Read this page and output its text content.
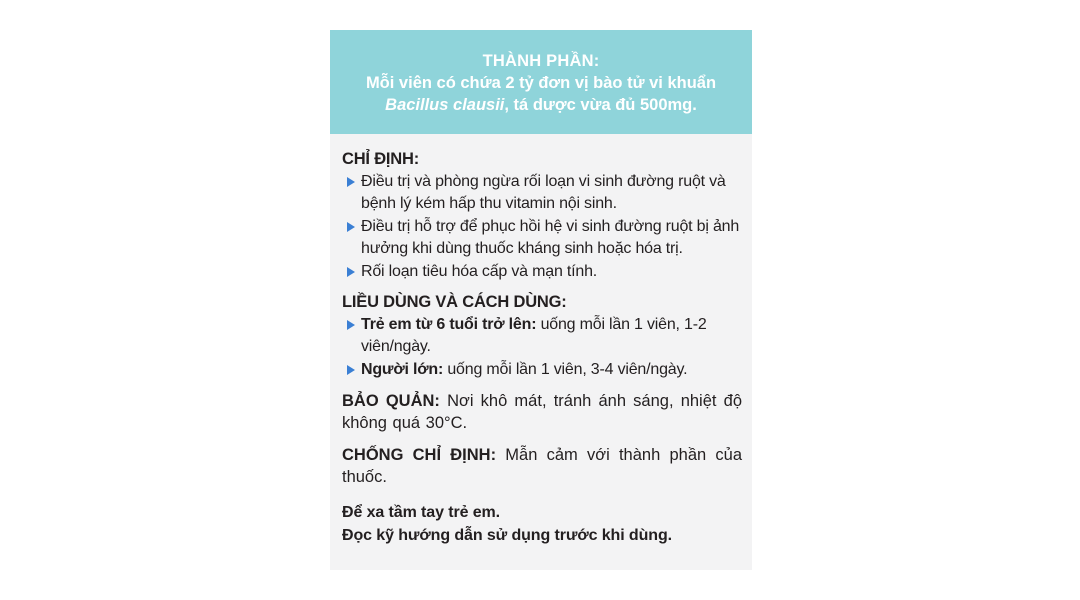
THÀNH PHẦN:
Mỗi viên có chứa 2 tỷ đơn vị bào tử vi khuẩn
Bacillus clausii, tá dược vừa đủ 500mg.
CHỈ ĐỊNH:
Điều trị và phòng ngừa rối loạn vi sinh đường ruột và bệnh lý kém hấp thu vitamin nội sinh.
Điều trị hỗ trợ để phục hồi hệ vi sinh đường ruột bị ảnh hưởng khi dùng thuốc kháng sinh hoặc hóa trị.
Rối loạn tiêu hóa cấp và mạn tính.
LIỀU DÙNG VÀ CÁCH DÙNG:
Trẻ em từ 6 tuổi trở lên: uống mỗi lần 1 viên, 1-2 viên/ngày.
Người lớn: uống mỗi lần 1 viên, 3-4 viên/ngày.

BẢO QUẢN: Nơi khô mát, tránh ánh sáng, nhiệt độ không quá 30°C.

CHỐNG CHỈ ĐỊNH: Mẫn cảm với thành phần của thuốc.

Để xa tầm tay trẻ em.
Đọc kỹ hướng dẫn sử dụng trước khi dùng.
